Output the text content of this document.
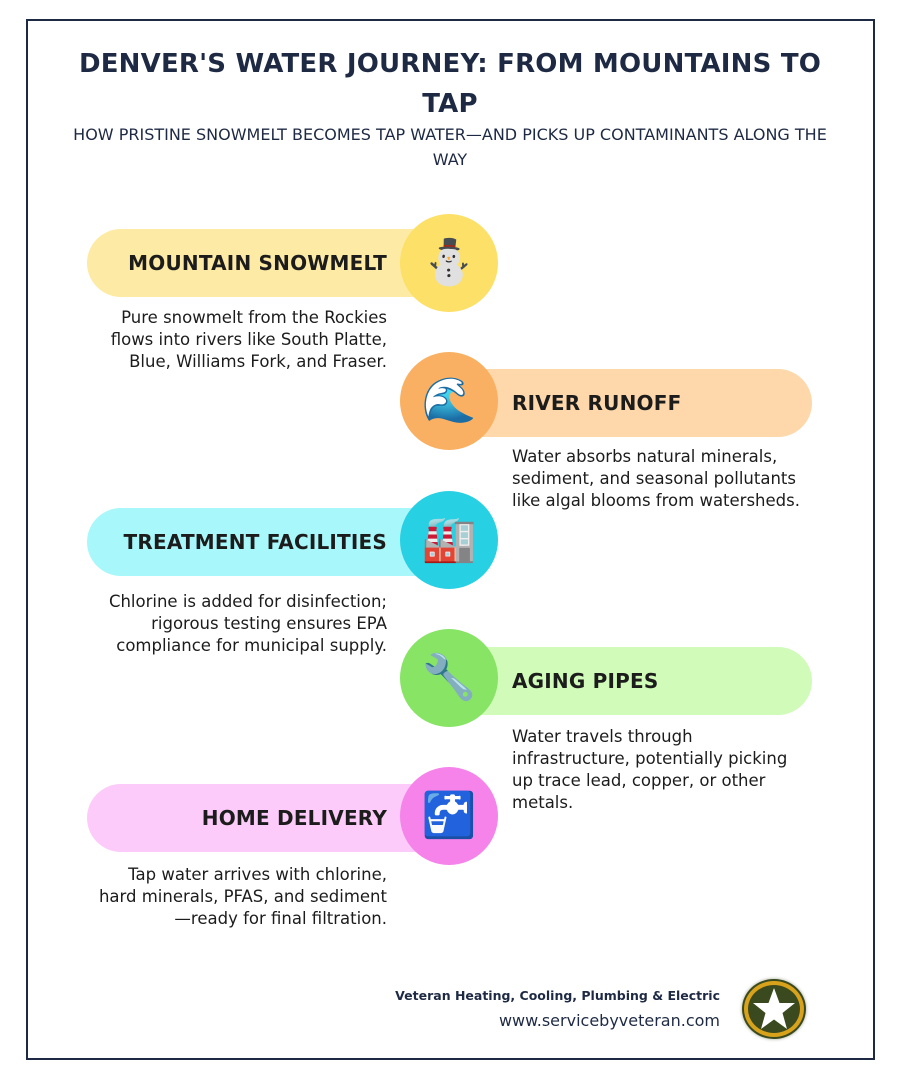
DENVER'S WATER JOURNEY: FROM MOUNTAINS TO TAP
HOW PRISTINE SNOWMELT BECOMES TAP WATER—AND PICKS UP CONTAMINANTS ALONG THE WAY
MOUNTAIN SNOWMELT ⛄
Pure snowmelt from the Rockies flows into rivers like South Platte, Blue, Williams Fork, and Fraser.
RIVER RUNOFF
🌊
Water absorbs natural minerals, sediment, and seasonal pollutants like algal blooms from watersheds.
TREATMENT FACILITIES 🏭
Chlorine is added for disinfection; rigorous testing ensures EPA compliance for municipal supply.
AGING PIPES
🔧
Water travels through infrastructure, potentially picking up trace lead, copper, or other metals.
HOME DELIVERY 🚰
Tap water arrives with chlorine, hard minerals, PFAS, and sediment—ready for final filtration.
Veteran Heating, Cooling, Plumbing & Electric
www.servicebyveteran.com
